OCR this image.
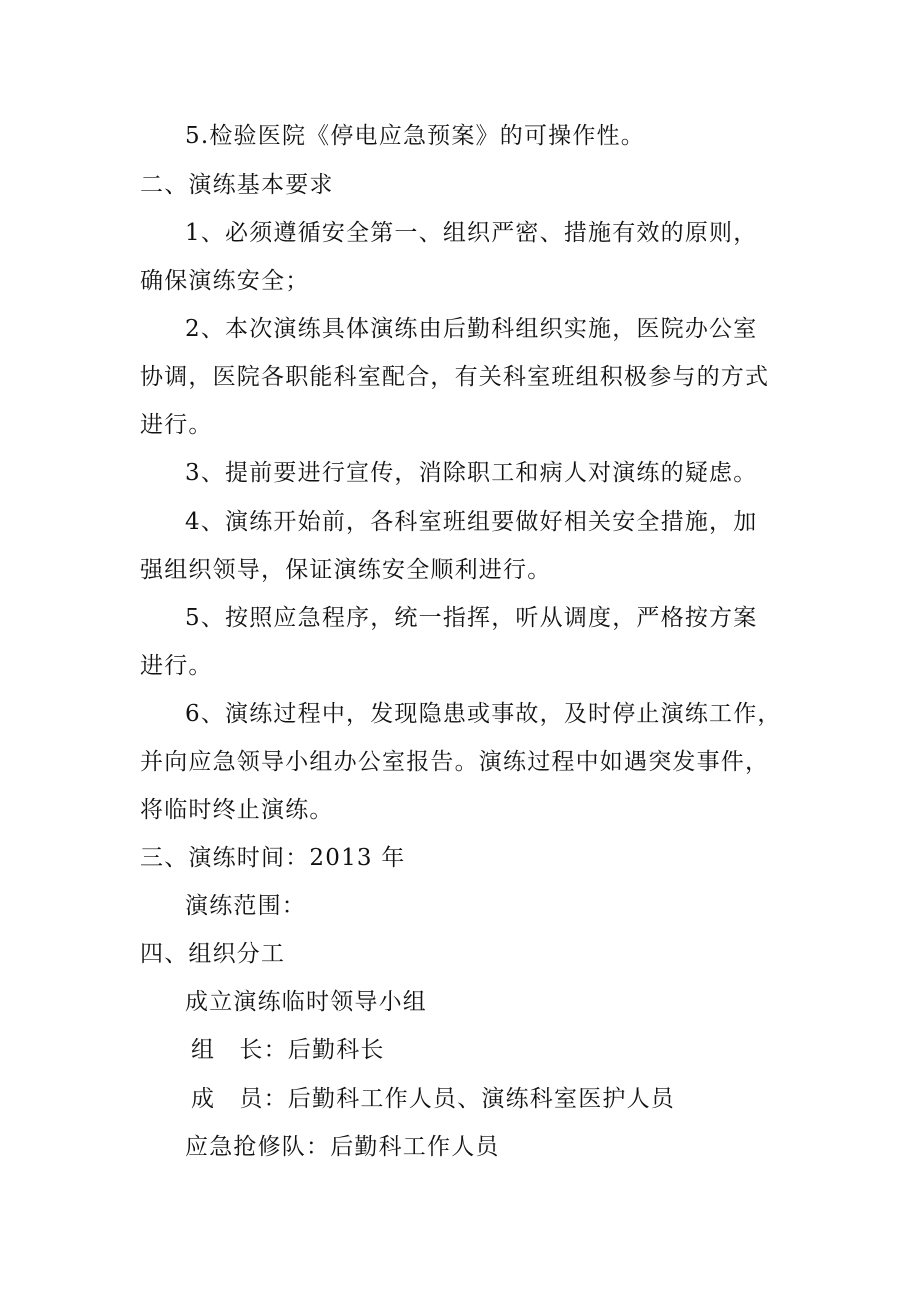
5.检验医院《停电应急预案》的可操作性。
二、演练基本要求
1、必须遵循安全第一、组织严密、措施有效的原则，
确保演练安全；
2、本次演练具体演练由后勤科组织实施，医院办公室
协调，医院各职能科室配合，有关科室班组积极参与的方式
进行。
3、提前要进行宣传，消除职工和病人对演练的疑虑。
4、演练开始前，各科室班组要做好相关安全措施，加
强组织领导，保证演练安全顺利进行。
5、按照应急程序，统一指挥，听从调度，严格按方案
进行。
6、演练过程中，发现隐患或事故，及时停止演练工作，
并向应急领导小组办公室报告。演练过程中如遇突发事件，
将临时终止演练。
三、演练时间：2013 年
演练范围：
四、组织分工
成立演练临时领导小组
组　长：后勤科长
成　员：后勤科工作人员、演练科室医护人员
应急抢修队：后勤科工作人员
